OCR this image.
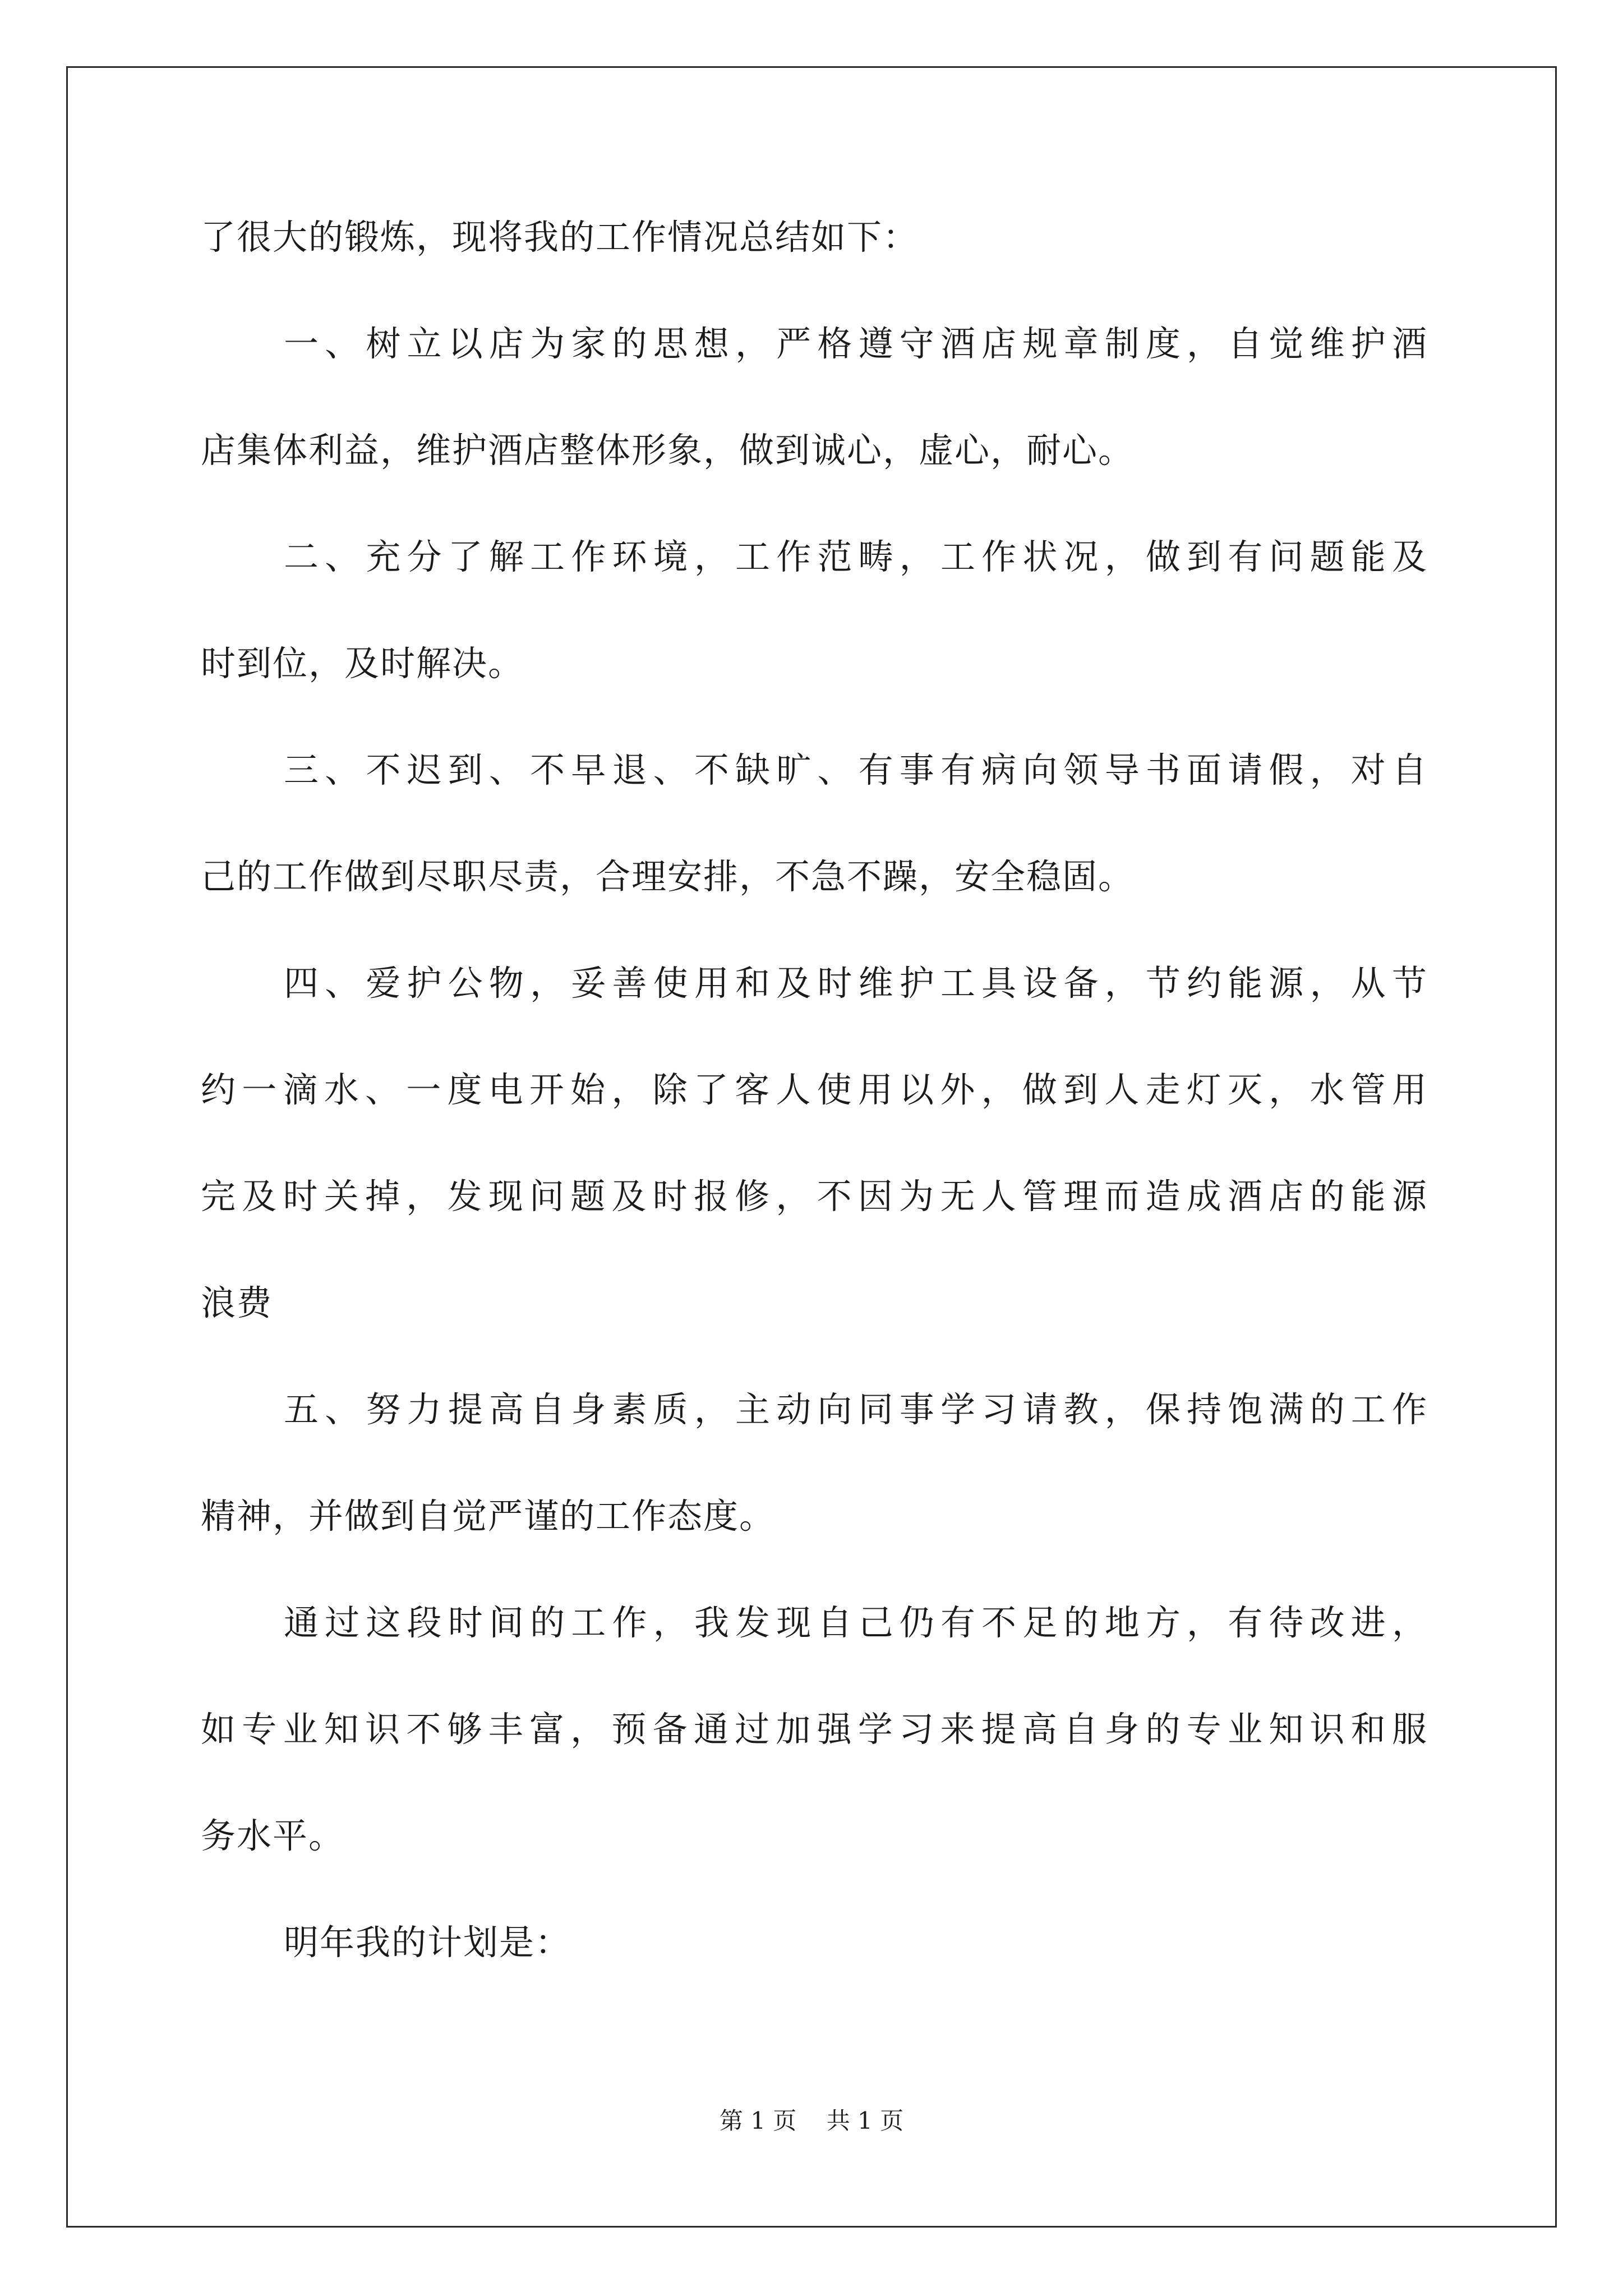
了很大的锻炼，现将我的工作情况总结如下：
一、树立以店为家的思想，严格遵守酒店规章制度，自觉维护酒
店集体利益，维护酒店整体形象，做到诚心，虚心，耐心。
二、充分了解工作环境，工作范畴，工作状况，做到有问题能及
时到位，及时解决。
三、不迟到、不早退、不缺旷、有事有病向领导书面请假，对自
己的工作做到尽职尽责，合理安排，不急不躁，安全稳固。
四、爱护公物，妥善使用和及时维护工具设备，节约能源，从节
约一滴水、一度电开始，除了客人使用以外，做到人走灯灭，水管用
完及时关掉，发现问题及时报修，不因为无人管理而造成酒店的能源
浪费
五、努力提高自身素质，主动向同事学习请教，保持饱满的工作
精神，并做到自觉严谨的工作态度。
通过这段时间的工作，我发现自己仍有不足的地方，有待改进，
如专业知识不够丰富，预备通过加强学习来提高自身的专业知识和服
务水平。
明年我的计划是：
第 1 页    共 1 页
